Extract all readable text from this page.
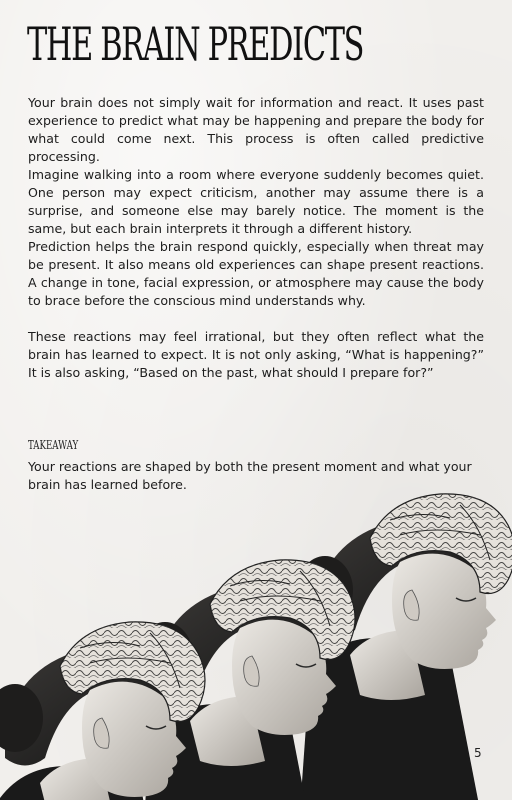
THE BRAIN PREDICTS

Your brain does not simply wait for information and react. It uses past experience to predict what may be happening and prepare the body for what could come next. This process is often called predictive processing.

Imagine walking into a room where everyone suddenly becomes quiet. One person may expect criticism, another may assume there is a surprise, and someone else may barely notice. The moment is the same, but each brain interprets it through a different history.

Prediction helps the brain respond quickly, especially when threat may be present. It also means old experiences can shape present reactions. A change in tone, facial expression, or atmosphere may cause the body to brace before the conscious mind understands why.

These reactions may feel irrational, but they often reflect what the brain has learned to expect. It is not only asking, “What is happening?” It is also asking, “Based on the past, what should I prepare for?”

TAKEAWAY
Your reactions are shaped by both the present moment and what your brain has learned before.
5
